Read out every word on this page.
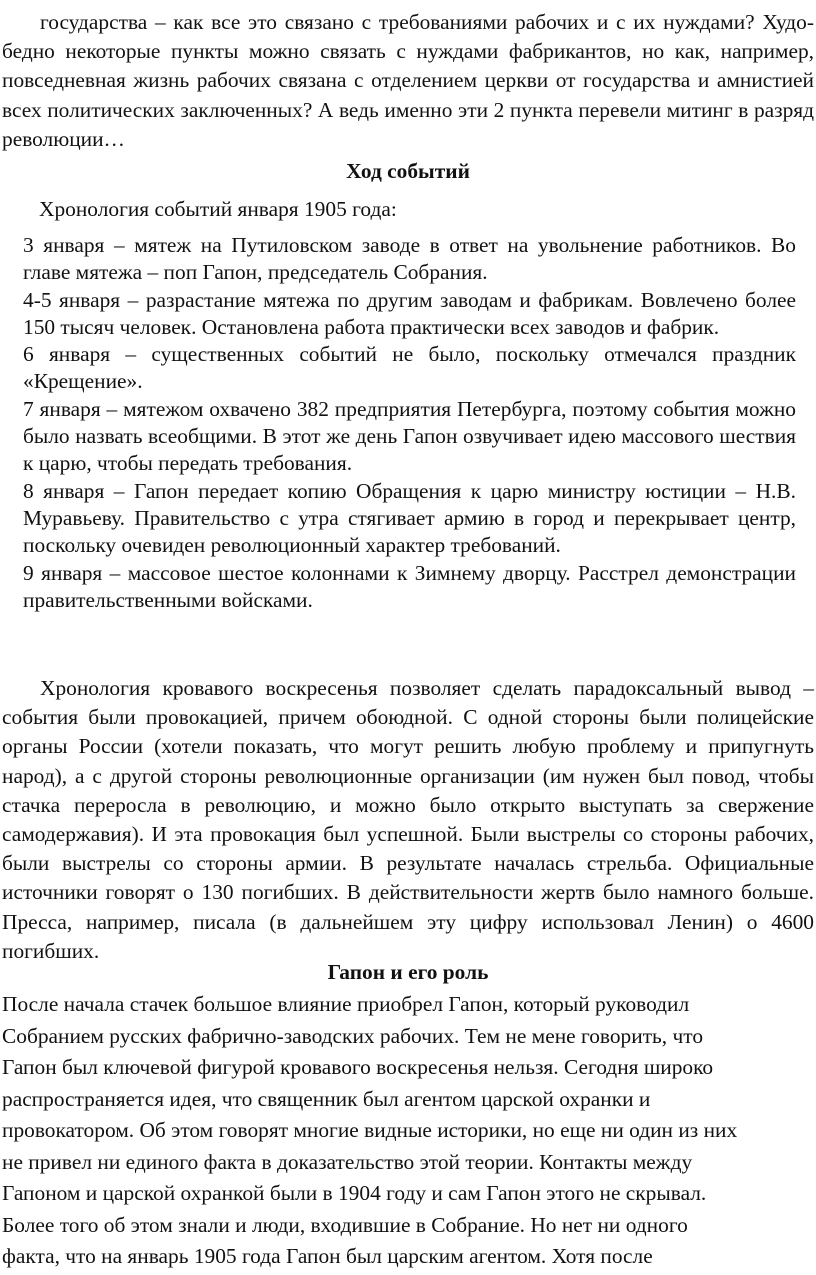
государства – как все это связано с требованиями рабочих и с их нуждами? Худо-бедно некоторые пункты можно связать с нуждами фабрикантов, но как, например, повседневная жизнь рабочих связана с отделением церкви от государства и амнистией всех политических заключенных? А ведь именно эти 2 пункта перевели митинг в разряд революции…

Ход событий

Хронология событий января 1905 года:

3 января – мятеж на Путиловском заводе в ответ на увольнение работников. Во главе мятежа – поп Гапон, председатель Собрания.
4-5 января – разрастание мятежа по другим заводам и фабрикам. Вовлечено более 150 тысяч человек. Остановлена работа практически всех заводов и фабрик.
6 января – существенных событий не было, поскольку отмечался праздник «Крещение».
7 января – мятежом охвачено 382 предприятия Петербурга, поэтому события можно было назвать всеобщими. В этот же день Гапон озвучивает идею массового шествия к царю, чтобы передать требования.
8 января – Гапон передает копию Обращения к царю министру юстиции – Н.В. Муравьеву. Правительство с утра стягивает армию в город и перекрывает центр, поскольку очевиден революционный характер требований.
9 января – массовое шестое колоннами к Зимнему дворцу. Расстрел демонстрации правительственными войсками.

Хронология кровавого воскресенья позволяет сделать парадоксальный вывод – события были провокацией, причем обоюдной. С одной стороны были полицейские органы России (хотели показать, что могут решить любую проблему и припугнуть народ), а с другой стороны революционные организации (им нужен был повод, чтобы стачка переросла в революцию, и можно было открыто выступать за свержение самодержавия). И эта провокация был успешной. Были выстрелы со стороны рабочих, были выстрелы со стороны армии. В результате началась стрельба. Официальные источники говорят о 130 погибших. В действительности жертв было намного больше. Пресса, например, писала (в дальнейшем эту цифру использовал Ленин) о 4600 погибших.

Гапон и его роль
После начала стачек большое влияние приобрел Гапон, который руководил
Собранием русских фабрично-заводских рабочих. Тем не мене говорить, что
Гапон был ключевой фигурой кровавого воскресенья нельзя. Сегодня широко
распространяется идея, что священник был агентом царской охранки и
провокатором. Об этом говорят многие видные историки, но еще ни один из них
не привел ни единого факта в доказательство этой теории. Контакты между
Гапоном и царской охранкой были в 1904 году и сам Гапон этого не скрывал.
Более того об этом знали и люди, входившие в Собрание. Но нет ни одного
факта, что на январь 1905 года Гапон был царским агентом. Хотя после
